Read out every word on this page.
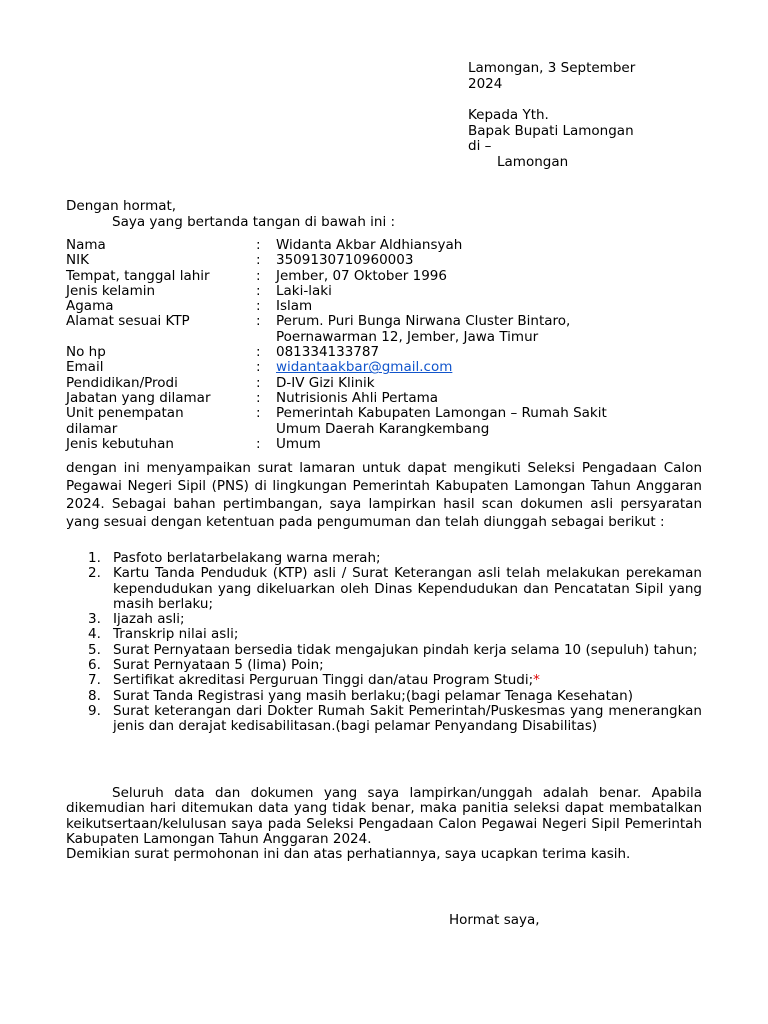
Lamongan, 3 September 2024
Kepada Yth.
Bapak Bupati Lamongan
di –
Lamongan
Dengan hormat,
Saya yang bertanda tangan di bawah ini :
Nama	: Widanta Akbar Aldhiansyah
NIK	: 3509130710960003
Tempat, tanggal lahir	: Jember, 07 Oktober 1996
Jenis kelamin	: Laki-laki
Agama	: Islam
Alamat sesuai KTP	: Perum. Puri Bunga Nirwana Cluster Bintaro,
Poernawarman 12, Jember, Jawa Timur
No hp	: 081334133787
Email	: widantaakbar@gmail.com
Pendidikan/Prodi	: D-IV Gizi Klinik
Jabatan yang dilamar	: Nutrisionis Ahli Pertama
Unit penempatan	: Pemerintah Kabupaten Lamongan – Rumah Sakit
dilamar	Umum Daerah Karangkembang
Jenis kebutuhan	: Umum
dengan ini menyampaikan surat lamaran untuk dapat mengikuti Seleksi Pengadaan Calon Pegawai Negeri Sipil (PNS) di lingkungan Pemerintah Kabupaten Lamongan Tahun Anggaran 2024. Sebagai bahan pertimbangan, saya lampirkan hasil scan dokumen asli persyaratan yang sesuai dengan ketentuan pada pengumuman dan telah diunggah sebagai berikut :
1. Pasfoto berlatarbelakang warna merah;
2. Kartu Tanda Penduduk (KTP) asli / Surat Keterangan asli telah melakukan perekaman kependudukan yang dikeluarkan oleh Dinas Kependudukan dan Pencatatan Sipil yang masih berlaku;
3. Ijazah asli;
4. Transkrip nilai asli;
5. Surat Pernyataan bersedia tidak mengajukan pindah kerja selama 10 (sepuluh) tahun;
6. Surat Pernyataan 5 (lima) Poin;
7. Sertifikat akreditasi Perguruan Tinggi dan/atau Program Studi;*
8. Surat Tanda Registrasi yang masih berlaku;(bagi pelamar Tenaga Kesehatan)
9. Surat keterangan dari Dokter Rumah Sakit Pemerintah/Puskesmas yang menerangkan jenis dan derajat kedisabilitasan.(bagi pelamar Penyandang Disabilitas)

Seluruh data dan dokumen yang saya lampirkan/unggah adalah benar. Apabila dikemudian hari ditemukan data yang tidak benar, maka panitia seleksi dapat membatalkan keikutsertaan/kelulusan saya pada Seleksi Pengadaan Calon Pegawai Negeri Sipil Pemerintah Kabupaten Lamongan Tahun Anggaran 2024.

Demikian surat permohonan ini dan atas perhatiannya, saya ucapkan terima kasih.

Hormat saya,
